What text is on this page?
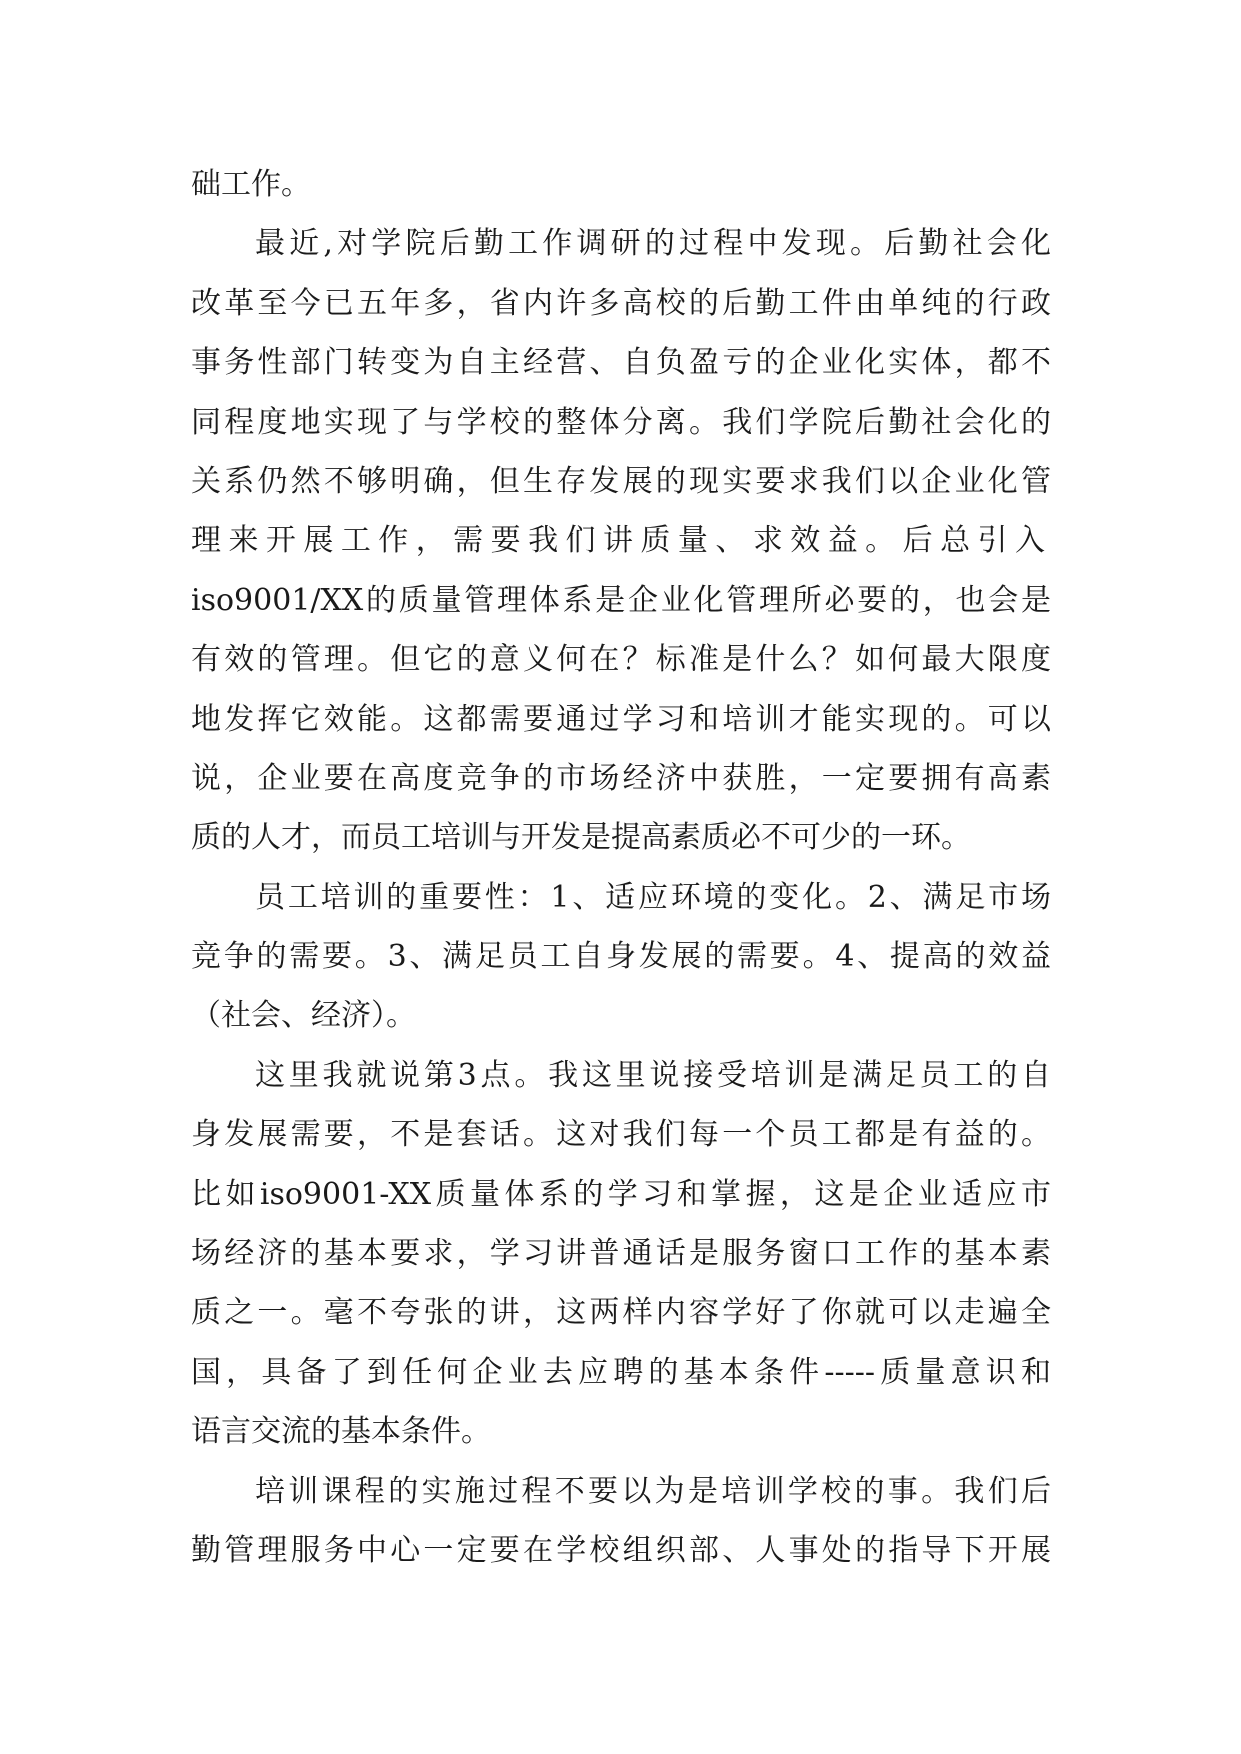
础工作。
最近,对学院后勤工作调研的过程中发现。后勤社会化
改革至今已五年多，省内许多高校的后勤工件由单纯的行政
事务性部门转变为自主经营、自负盈亏的企业化实体，都不
同程度地实现了与学校的整体分离。我们学院后勤社会化的
关系仍然不够明确，但生存发展的现实要求我们以企业化管
理来开展工作，需要我们讲质量、求效益。后总引入
iso9001/XX的质量管理体系是企业化管理所必要的，也会是
有效的管理。但它的意义何在？标准是什么？如何最大限度
地发挥它效能。这都需要通过学习和培训才能实现的。可以
说，企业要在高度竞争的市场经济中获胜，一定要拥有高素
质的人才，而员工培训与开发是提高素质必不可少的一环。
员工培训的重要性：1、适应环境的变化。2、满足市场
竞争的需要。3、满足员工自身发展的需要。4、提高的效益
（社会、经济）。
这里我就说第3点。我这里说接受培训是满足员工的自
身发展需要，不是套话。这对我们每一个员工都是有益的。
比如iso9001-XX质量体系的学习和掌握，这是企业适应市
场经济的基本要求，学习讲普通话是服务窗口工作的基本素
质之一。毫不夸张的讲，这两样内容学好了你就可以走遍全
国，具备了到任何企业去应聘的基本条件-----质量意识和
语言交流的基本条件。
培训课程的实施过程不要以为是培训学校的事。我们后
勤管理服务中心一定要在学校组织部、人事处的指导下开展
